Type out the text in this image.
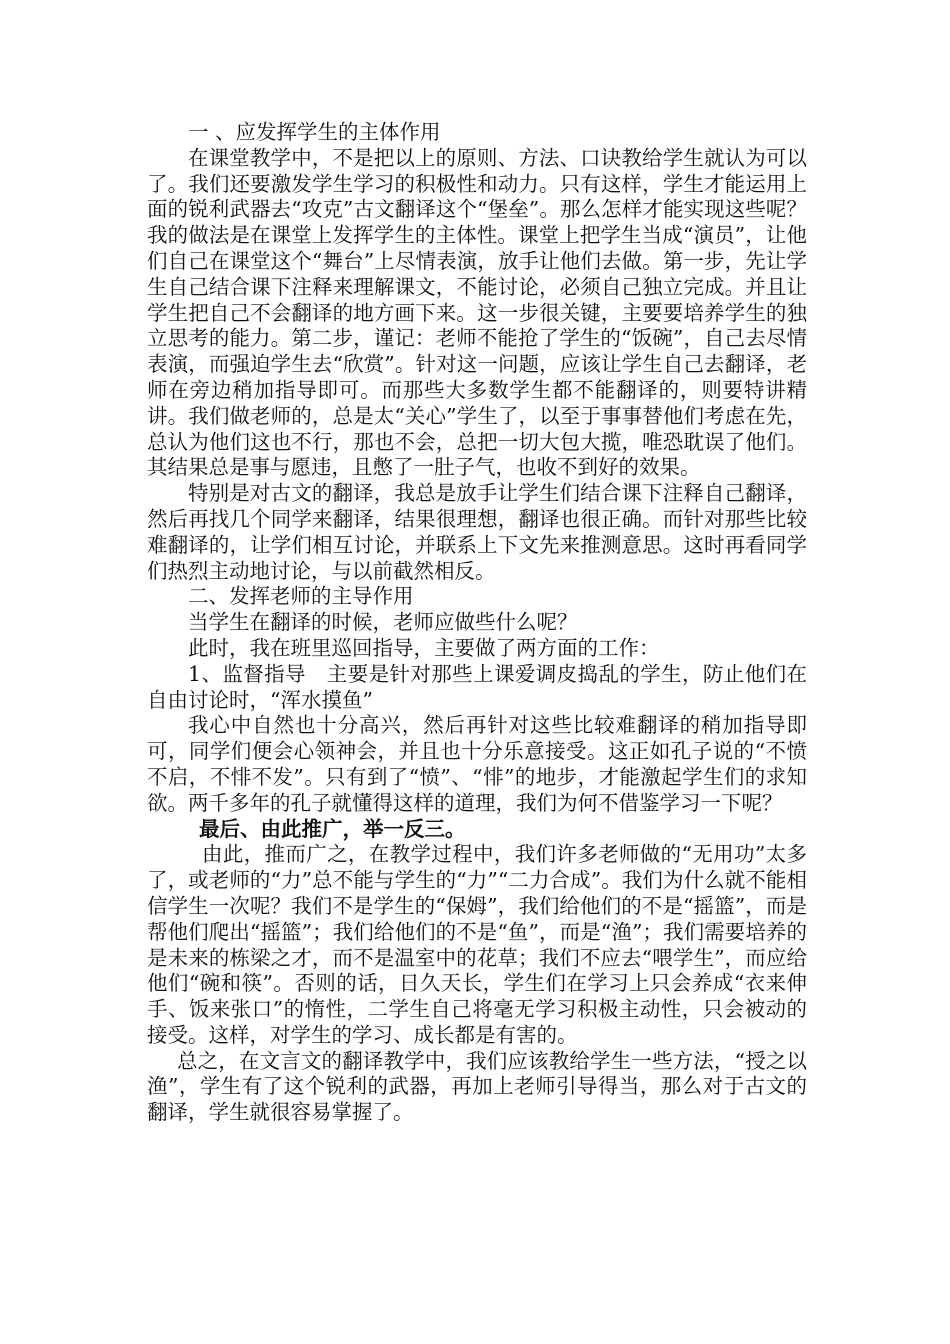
一 、应发挥学生的主体作用

在课堂教学中，不是把以上的原则、方法、口诀教给学生就认为可以了。我们还要激发学生学习的积极性和动力。只有这样，学生才能运用上面的锐利武器去“攻克”古文翻译这个“堡垒”。那么怎样才能实现这些呢？我的做法是在课堂上发挥学生的主体性。课堂上把学生当成“演员”，让他们自己在课堂这个“舞台”上尽情表演，放手让他们去做。第一步，先让学生自己结合课下注释来理解课文，不能讨论，必须自己独立完成。并且让学生把自己不会翻译的地方画下来。这一步很关键，主要要培养学生的独立思考的能力。第二步，谨记：老师不能抢了学生的“饭碗”，自己去尽情表演，而强迫学生去“欣赏”。针对这一问题，应该让学生自己去翻译，老师在旁边稍加指导即可。而那些大多数学生都不能翻译的，则要特讲精讲。我们做老师的，总是太“关心”学生了，以至于事事替他们考虑在先，总认为他们这也不行，那也不会，总把一切大包大揽，唯恐耽误了他们。其结果总是事与愿违，且憋了一肚子气，也收不到好的效果。

特别是对古文的翻译，我总是放手让学生们结合课下注释自己翻译，然后再找几个同学来翻译，结果很理想，翻译也很正确。而针对那些比较难翻译的，让学们相互讨论，并联系上下文先来推测意思。这时再看同学们热烈主动地讨论，与以前截然相反。

二、发挥老师的主导作用

当学生在翻译的时候，老师应做些什么呢？

此时，我在班里巡回指导，主要做了两方面的工作：

1、监督指导　主要是针对那些上课爱调皮捣乱的学生，防止他们在自由讨论时，“浑水摸鱼”

我心中自然也十分高兴，然后再针对这些比较难翻译的稍加指导即可，同学们便会心领神会，并且也十分乐意接受。这正如孔子说的“不愤不启，不悱不发”。只有到了“愤”、“悱”的地步，才能激起学生们的求知欲。两千多年的孔子就懂得这样的道理，我们为何不借鉴学习一下呢？

最后、由此推广，举一反三。

由此，推而广之，在教学过程中，我们许多老师做的“无用功”太多了，或老师的“力”总不能与学生的“力”“二力合成”。我们为什么就不能相信学生一次呢？我们不是学生的“保姆”，我们给他们的不是“摇篮”，而是帮他们爬出“摇篮”；我们给他们的不是“鱼”，而是“渔”；我们需要培养的是未来的栋梁之才，而不是温室中的花草；我们不应去“喂学生”，而应给他们“碗和筷”。否则的话，日久天长，学生们在学习上只会养成“衣来伸手、饭来张口”的惰性，二学生自己将毫无学习积极主动性，只会被动的接受。这样，对学生的学习、成长都是有害的。

总之，在文言文的翻译教学中，我们应该教给学生一些方法，“授之以渔”，学生有了这个锐利的武器，再加上老师引导得当，那么对于古文的翻译，学生就很容易掌握了。
